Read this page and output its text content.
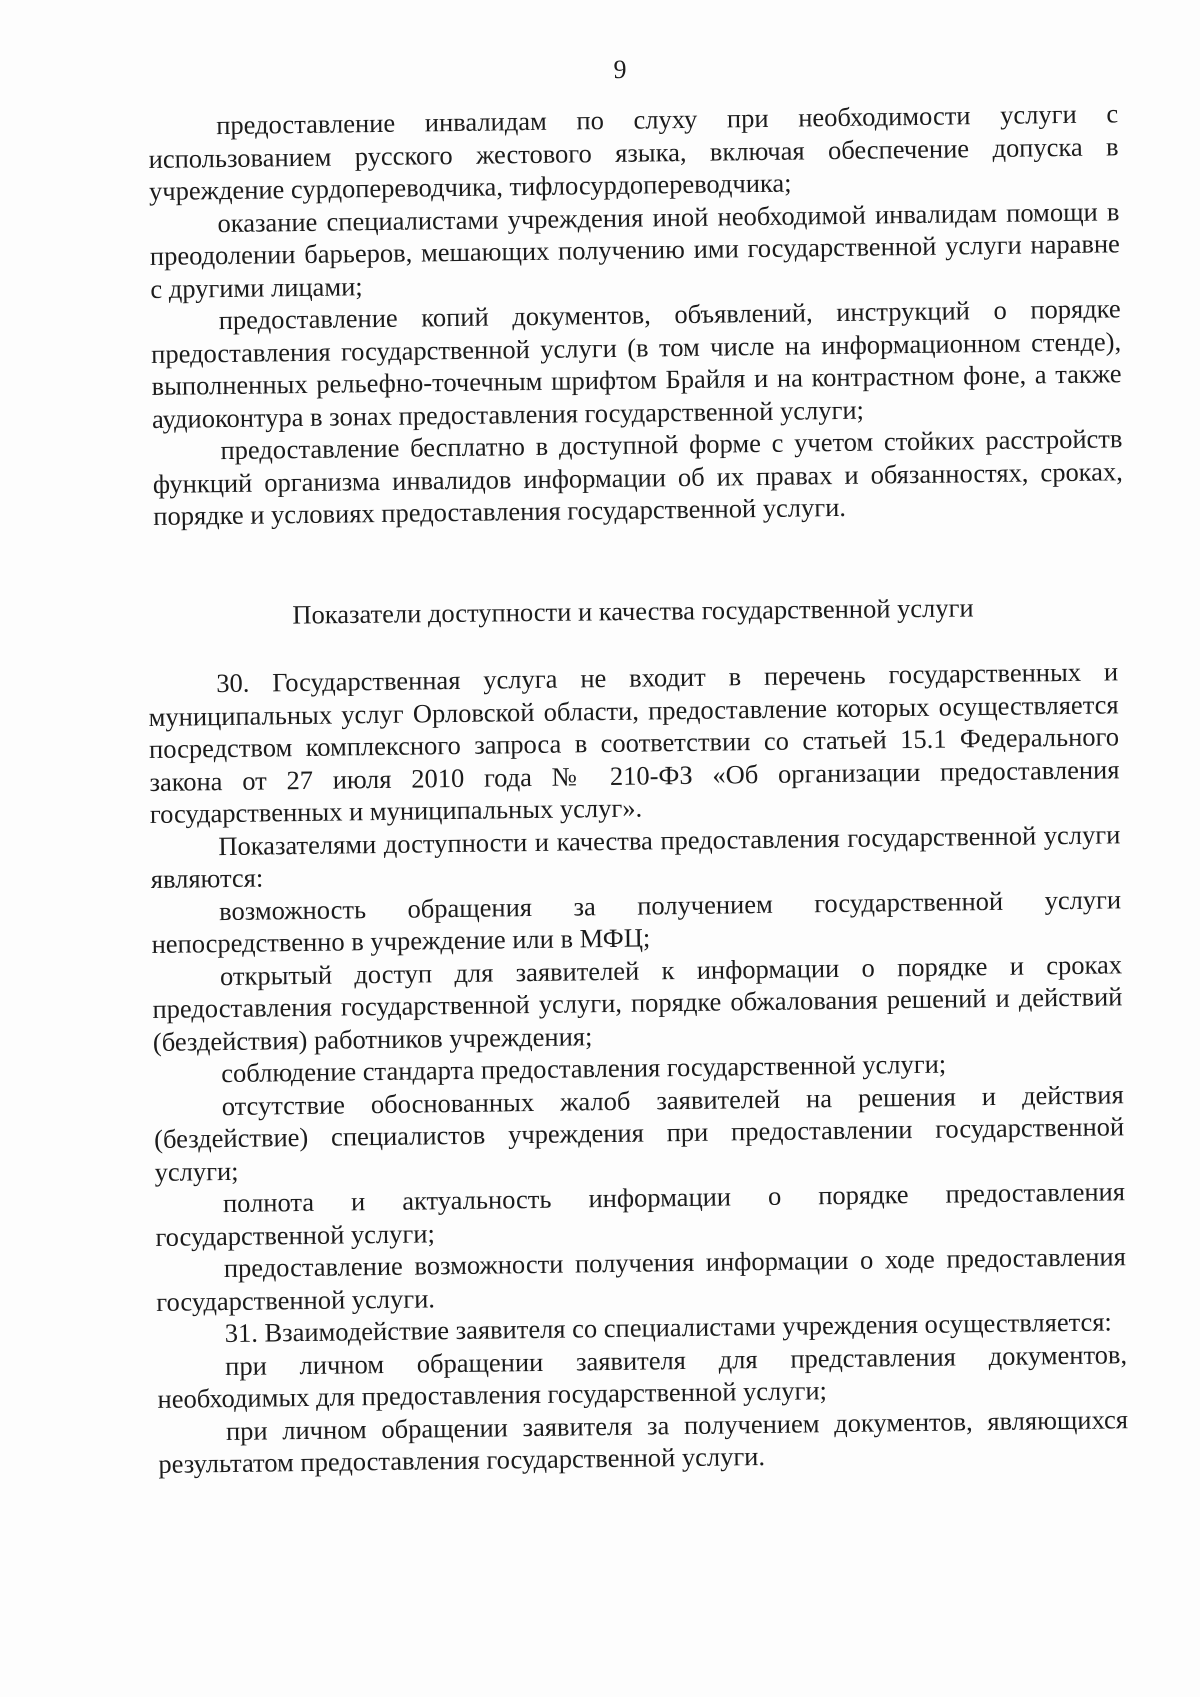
9

предоставление инвалидам по слуху при необходимости услуги с использованием русского жестового языка, включая обеспечение допуска в учреждение сурдопереводчика, тифлосурдопереводчика;

оказание специалистами учреждения иной необходимой инвалидам помощи в преодолении барьеров, мешающих получению ими государственной услуги наравне с другими лицами;

предоставление копий документов, объявлений, инструкций о порядке предоставления государственной услуги (в том числе на информационном стенде), выполненных рельефно-точечным шрифтом Брайля и на контрастном фоне, а также аудиоконтура в зонах предоставления государственной услуги;

предоставление бесплатно в доступной форме с учетом стойких расстройств функций организма инвалидов информации об их правах и обязанностях, сроках, порядке и условиях предоставления государственной услуги.

Показатели доступности и качества государственной услуги

30. Государственная услуга не входит в перечень государственных и муниципальных услуг Орловской области, предоставление которых осуществляется посредством комплексного запроса в соответствии со статьей 15.1 Федерального закона от 27 июля 2010 года № 210-ФЗ «Об организации предоставления государственных и муниципальных услуг».

Показателями доступности и качества предоставления государственной услуги являются:

возможность обращения за получением государственной услуги непосредственно в учреждение или в МФЦ;

открытый доступ для заявителей к информации о порядке и сроках предоставления государственной услуги, порядке обжалования решений и действий (бездействия) работников учреждения;

соблюдение стандарта предоставления государственной услуги;

отсутствие обоснованных жалоб заявителей на решения и действия (бездействие) специалистов учреждения при предоставлении государственной услуги;

полнота и актуальность информации о порядке предоставления государственной услуги;

предоставление возможности получения информации о ходе предоставления государственной услуги.

31. Взаимодействие заявителя со специалистами учреждения осуществляется:

при личном обращении заявителя для представления документов, необходимых для предоставления государственной услуги;

при личном обращении заявителя за получением документов, являющихся результатом предоставления государственной услуги.
